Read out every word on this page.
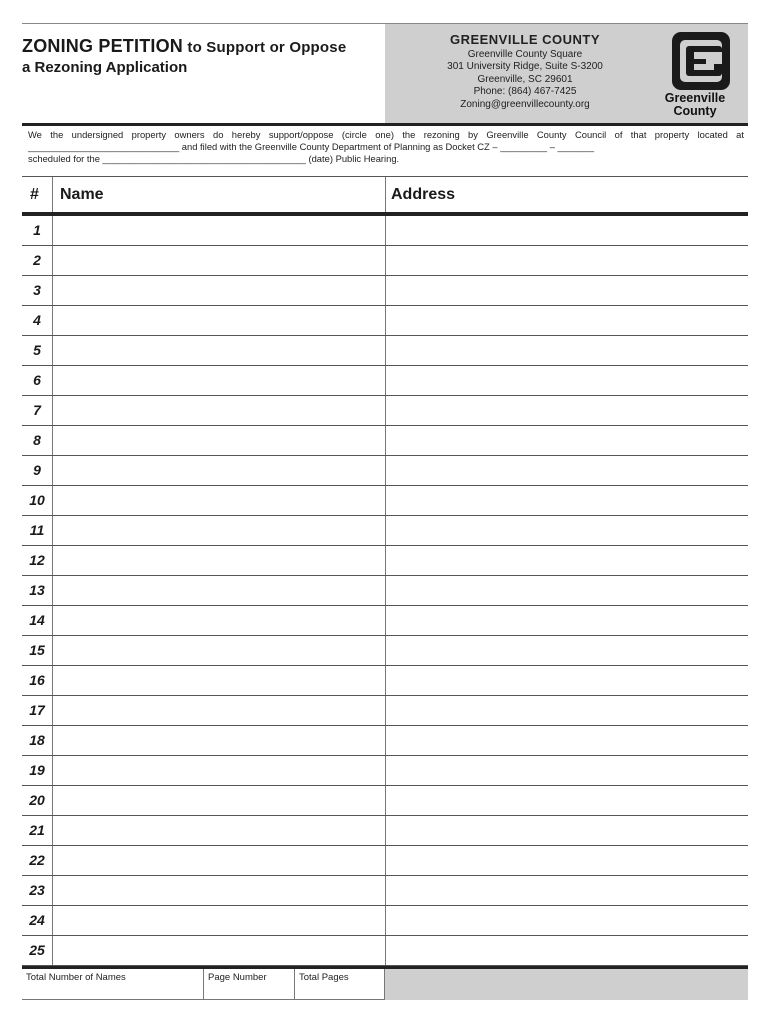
ZONING PETITION to Support or Oppose
a Rezoning Application
GREENVILLE COUNTY
Greenville County Square
301 University Ridge, Suite S-3200
Greenville, SC 29601
Phone: (864) 467-7425
Zoning@greenvillecounty.org	Greenville
County

We the undersigned property owners do hereby support/oppose (circle one) the rezoning by Greenville County Council of that property located at

_____________________________ and filed with the Greenville County Department of Planning as Docket CZ – _________ – _______

scheduled for the _______________________________________ (date) Public Hearing.

# Name	Address
1
2
3
4
5
6
7
8
9
10
11
12
13
14
15
16
17
18
19
20
21
22
23
24
25
Total Number of Names	Page Number	Total Pages
